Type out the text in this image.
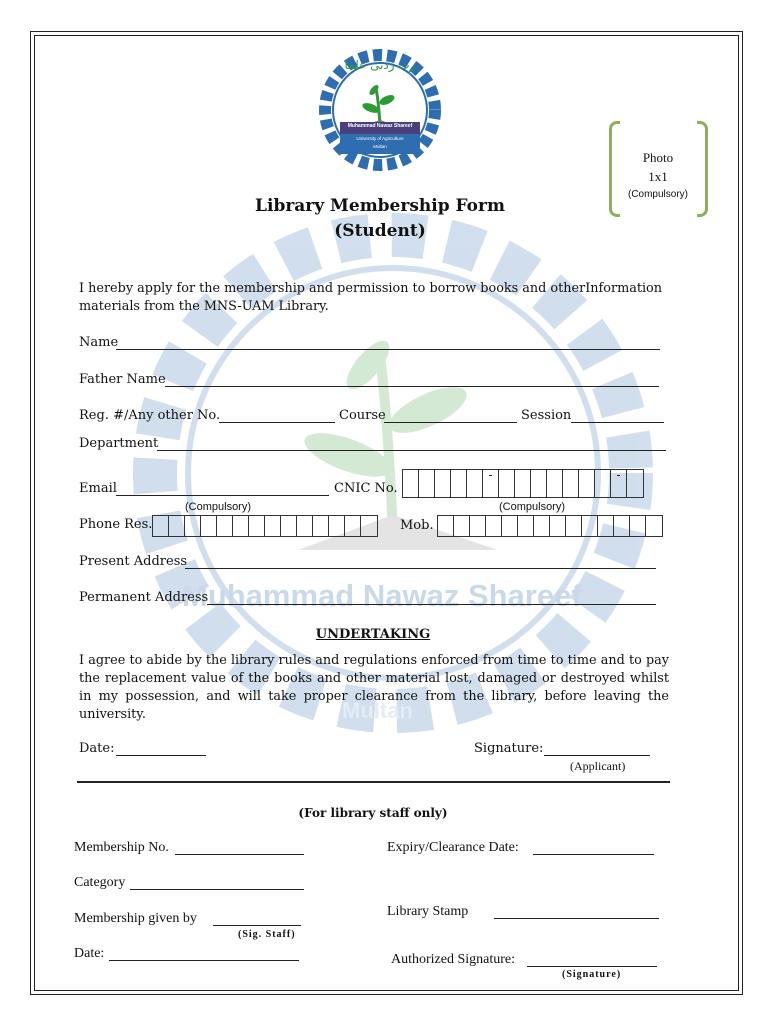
Muhammad Nawaz Shareef
Multan
رب زدنی علما
Muhammad Nawaz Shareef
University of Agriculture
Multan
Photo
1x1
(Compulsory)
Library Membership Form
(Student)
I hereby apply for the membership and permission to borrow books and otherInformation materials from the MNS-UAM Library.
Name
Father Name
Reg. #/Any other No.	Course	Session
Department
Email	CNIC No.
-	-
(Compulsory)	(Compulsory)
Phone Res.	Mob.
Present Address
Permanent Address
UNDERTAKING
I agree to abide by the library rules and regulations enforced from time to time and to pay the replacement value of the books and other material lost, damaged or destroyed whilst in my possession, and will take proper clearance from the library, before leaving the university.
Date:	Signature:
(Applicant)
(For library staff only)
Membership No.	Expiry/Clearance Date:
Category
Membership given by
(Sig. Staff)
Library Stamp
Date:	Authorized Signature:
(Signature)
